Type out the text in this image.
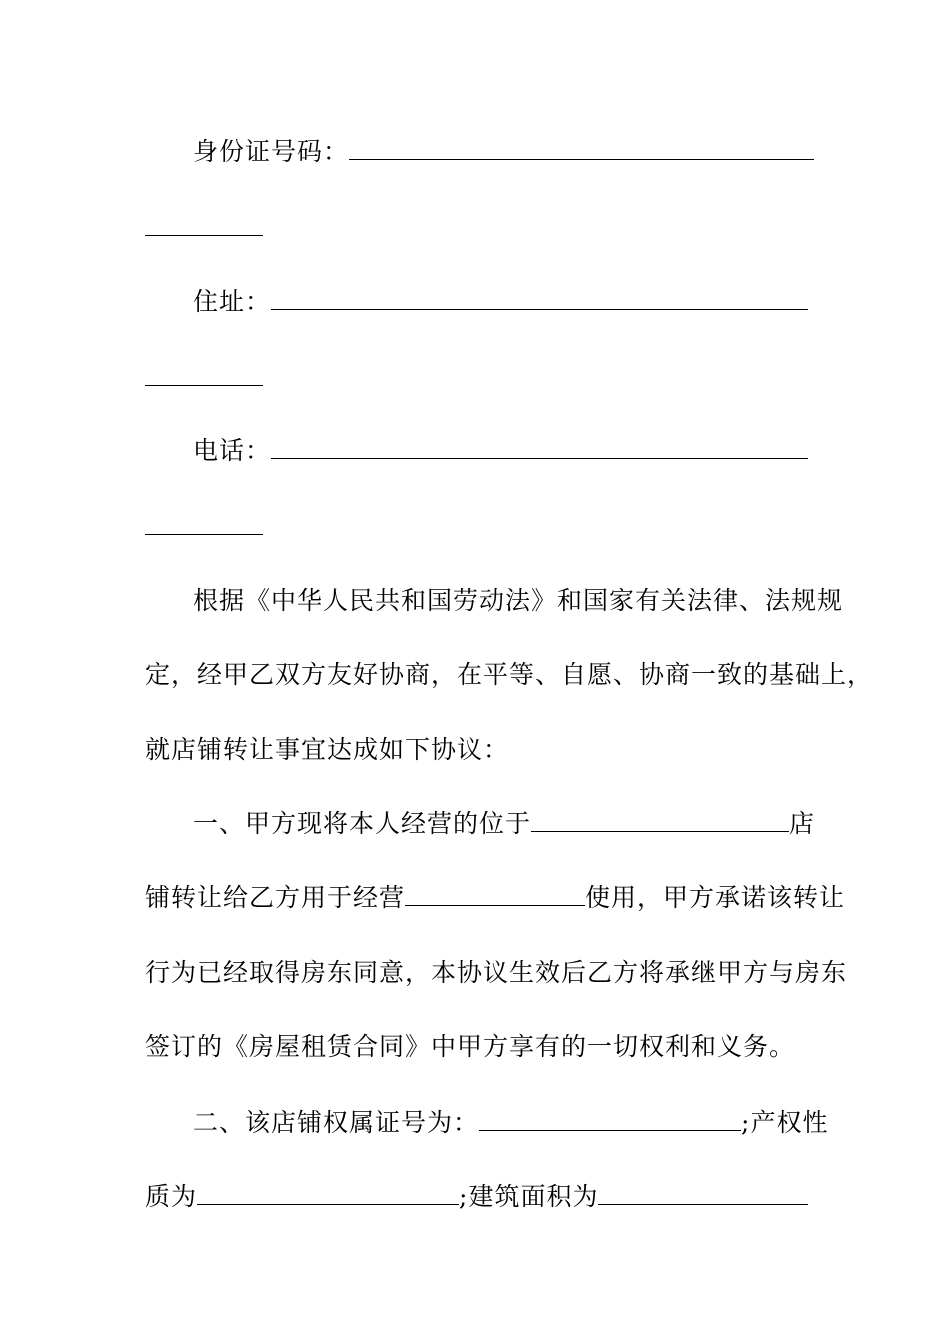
身份证号码：
住址：
电话：
根据《中华人民共和国劳动法》和国家有关法律、法规规
定，经甲乙双方友好协商，在平等、自愿、协商一致的基础上，
就店铺转让事宜达成如下协议：
一、甲方现将本人经营的位于	店
铺转让给乙方用于经营	使用，甲方承诺该转让
行为已经取得房东同意，本协议生效后乙方将承继甲方与房东
签订的《房屋租赁合同》中甲方享有的一切权利和义务。
二、该店铺权属证号为：	;产权性
质为	;建筑面积为
